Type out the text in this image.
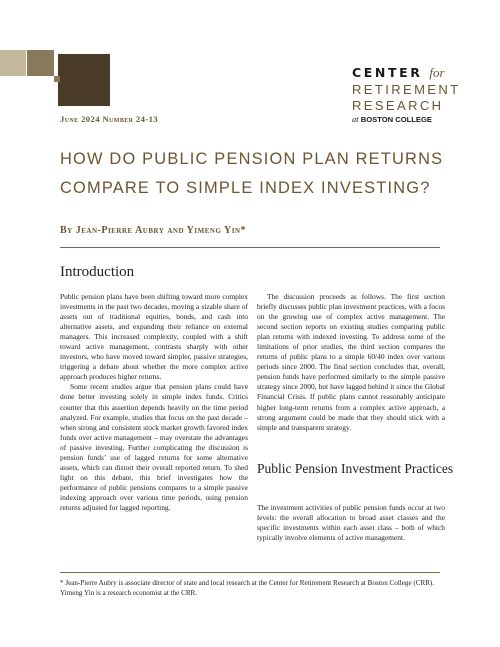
CENTER for
RETIREMENT
RESEARCH
at BOSTON COLLEGE
June 2024 Number 24-13
HOW DO PUBLIC PENSION PLAN RETURNS COMPARE TO SIMPLE INDEX INVESTING?
By Jean-Pierre Aubry and Yimeng Yin*
Introduction

Public pension plans have been shifting toward more complex investments in the past two decades, moving a sizable share of assets out of traditional equities, bonds, and cash into alternative assets, and expanding their reliance on external managers. This increased complexity, coupled with a shift toward active management, contrasts sharply with other investors, who have moved toward simpler, passive strategies, triggering a debate about whether the more complex active approach produces higher returns.

Some recent studies argue that pension plans could have done better investing solely in simple index funds. Critics counter that this assertion depends heavily on the time period analyzed. For example, studies that focus on the past decade – when strong and consistent stock market growth favored index funds over active management – may overstate the advantages of passive investing. Further complicating the discussion is pension funds’ use of lagged returns for some alternative assets, which can distort their overall reported return. To shed light on this debate, this brief investigates how the performance of public pensions compares to a simple passive indexing approach over various time periods, using pension returns adjusted for lagged reporting.

The discussion proceeds as follows. The first section briefly discusses public plan investment practices, with a focus on the growing use of complex active management. The second section reports on existing studies comparing public plan returns with indexed investing. To address some of the limitations of prior studies, the third section compares the returns of public plans to a simple 60/40 index over various periods since 2000. The final section concludes that, overall, pension funds have performed similarly to the simple passive strategy since 2000, but have lagged behind it since the Global Financial Crisis. If public plans cannot reasonably anticipate higher long-term returns from a complex active approach, a strong argument could be made that they should stick with a simple and transparent strategy.

Public Pension Investment Practices

The investment activities of public pension funds occur at two levels: the overall allocation to broad asset classes and the specific investments within each asset class – both of which typically involve elements of active management.

* Jean-Pierre Aubry is associate director of state and local research at the Center for Retirement Research at Boston College (CRR). Yimeng Yin is a research economist at the CRR.
